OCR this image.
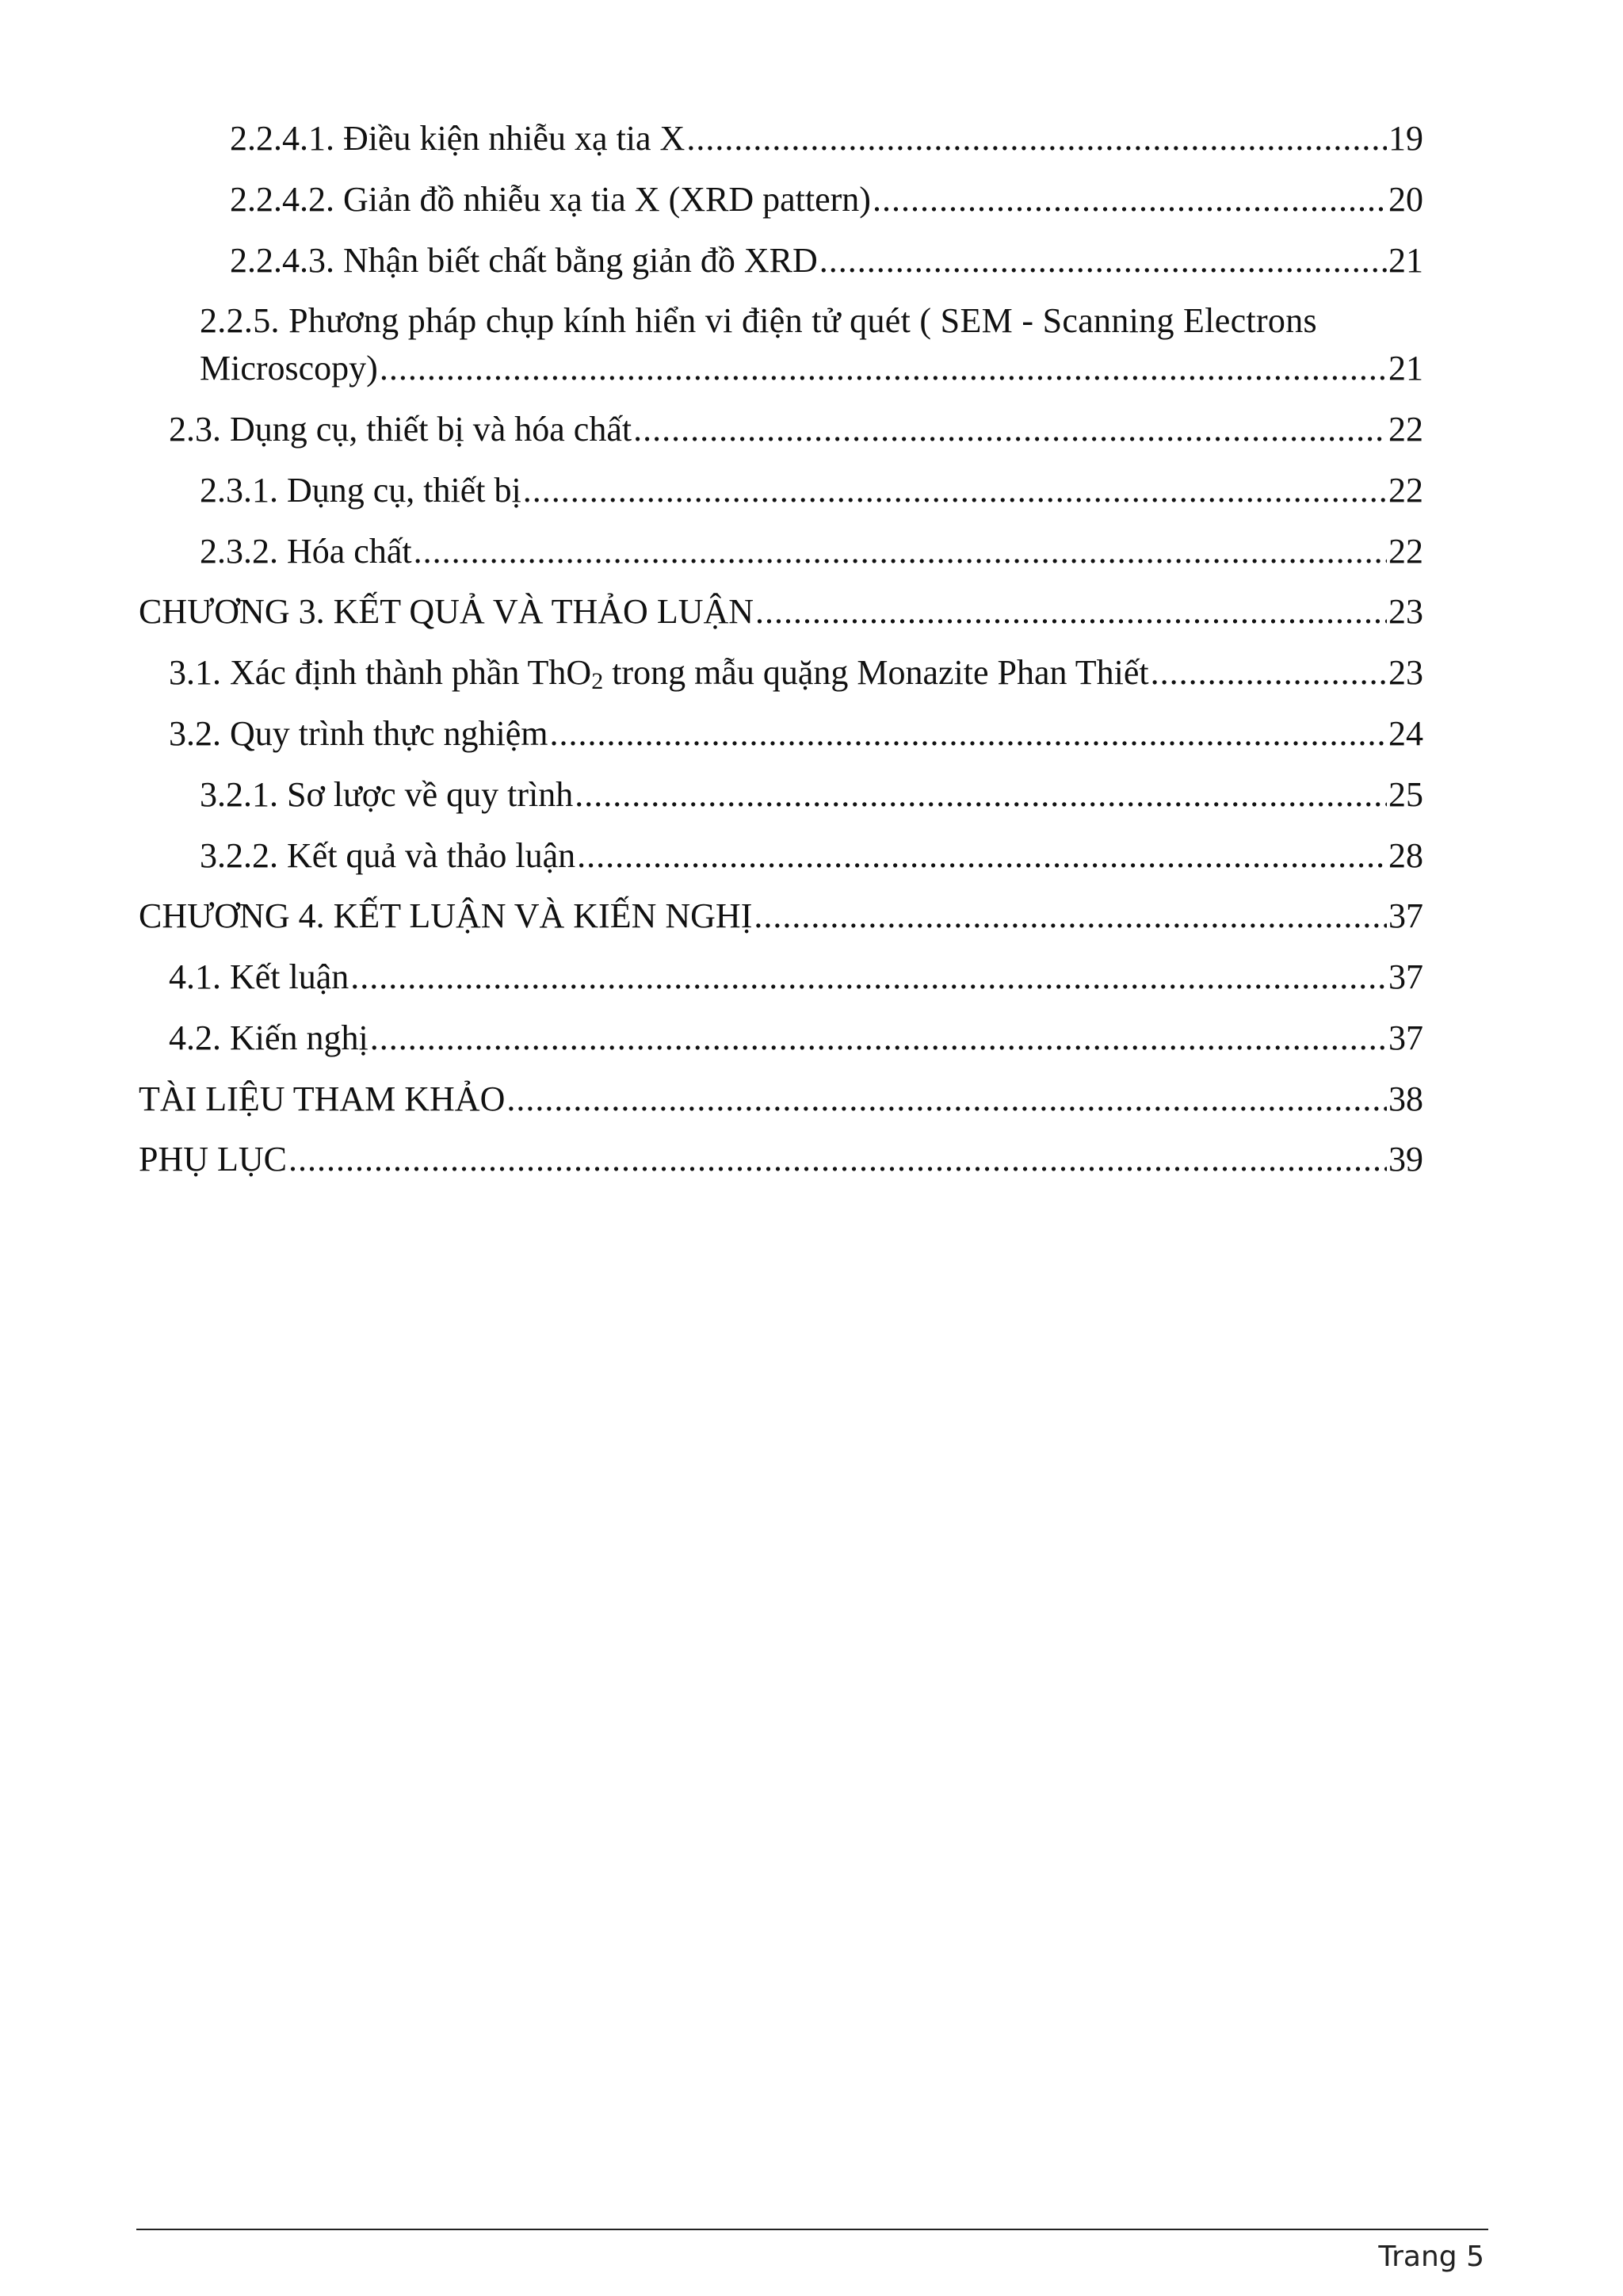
2.2.4.1. Điều kiện nhiễu xạ tia X .....	19
2.2.4.2. Giản đồ nhiễu xạ tia X (XRD pattern) .....	20
2.2.4.3. Nhận biết chất bằng giản đồ XRD .....	21
2.2.5. Phương pháp chụp kính hiển vi điện tử quét ( SEM - Scanning Electrons
Microscopy) .....	21
2.3. Dụng cụ, thiết bị và hóa chất .....	22
2.3.1. Dụng cụ, thiết bị .....	22
2.3.2. Hóa chất .....	22
CHƯƠNG 3. KẾT QUẢ VÀ THẢO LUẬN .....	23
3.1. Xác định thành phần ThO$_2$ trong mẫu quặng Monazite Phan Thiết .....	23
3.2. Quy trình thực nghiệm .....	24
3.2.1. Sơ lược về quy trình .....	25
3.2.2. Kết quả và thảo luận .....	28
CHƯƠNG 4. KẾT LUẬN VÀ KIẾN NGHỊ .....	37
4.1. Kết luận .....	37
4.2. Kiến nghị .....	37
TÀI LIỆU THAM KHẢO .....	38
PHỤ LỤC .....	39
Trang 5
